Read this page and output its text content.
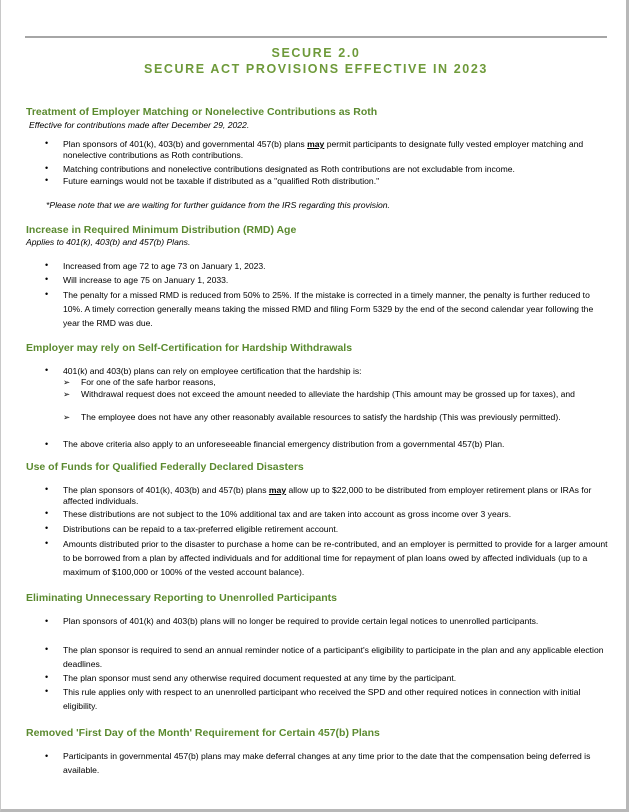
SECURE 2.0
SECURE ACT PROVISIONS EFFECTIVE IN 2023
Treatment of Employer Matching or Nonelective Contributions as Roth
Effective for contributions made after December 29, 2022.
• Plan sponsors of 401(k), 403(b) and governmental 457(b) plans may permit participants to designate fully vested employer matching and nonelective contributions as Roth contributions.
• Matching contributions and nonelective contributions designated as Roth contributions are not excludable from income.
• Future earnings would not be taxable if distributed as a "qualified Roth distribution."
*Please note that we are waiting for further guidance from the IRS regarding this provision.
Increase in Required Minimum Distribution (RMD) Age
Applies to 401(k), 403(b) and 457(b) Plans.
• Increased from age 72 to age 73 on January 1, 2023.
• Will increase to age 75 on January 1, 2033.
• The penalty for a missed RMD is reduced from 50% to 25%. If the mistake is corrected in a timely manner, the penalty is further reduced to 10%. A timely correction generally means taking the missed RMD and filing Form 5329 by the end of the second calendar year following the year the RMD was due.
Employer may rely on Self-Certification for Hardship Withdrawals
• 401(k) and 403(b) plans can rely on employee certification that the hardship is:
➢ For one of the safe harbor reasons,
➢ Withdrawal request does not exceed the amount needed to alleviate the hardship (This amount may be grossed up for taxes), and
➢ The employee does not have any other reasonably available resources to satisfy the hardship (This was previously permitted).
• The above criteria also apply to an unforeseeable financial emergency distribution from a governmental 457(b) Plan.
Use of Funds for Qualified Federally Declared Disasters
• The plan sponsors of 401(k), 403(b) and 457(b) plans may allow up to $22,000 to be distributed from employer retirement plans or IRAs for affected individuals.
• These distributions are not subject to the 10% additional tax and are taken into account as gross income over 3 years.
• Distributions can be repaid to a tax-preferred eligible retirement account.
• Amounts distributed prior to the disaster to purchase a home can be re-contributed, and an employer is permitted to provide for a larger amount to be borrowed from a plan by affected individuals and for additional time for repayment of plan loans owed by affected individuals (up to a maximum of $100,000 or 100% of the vested account balance).
Eliminating Unnecessary Reporting to Unenrolled Participants
• Plan sponsors of 401(k) and 403(b) plans will no longer be required to provide certain legal notices to unenrolled participants.
• The plan sponsor is required to send an annual reminder notice of a participant's eligibility to participate in the plan and any applicable election deadlines.
• The plan sponsor must send any otherwise required document requested at any time by the participant.
• This rule applies only with respect to an unenrolled participant who received the SPD and other required notices in connection with initial eligibility.
Removed 'First Day of the Month' Requirement for Certain 457(b) Plans
• Participants in governmental 457(b) plans may make deferral changes at any time prior to the date that the compensation being deferred is available.
